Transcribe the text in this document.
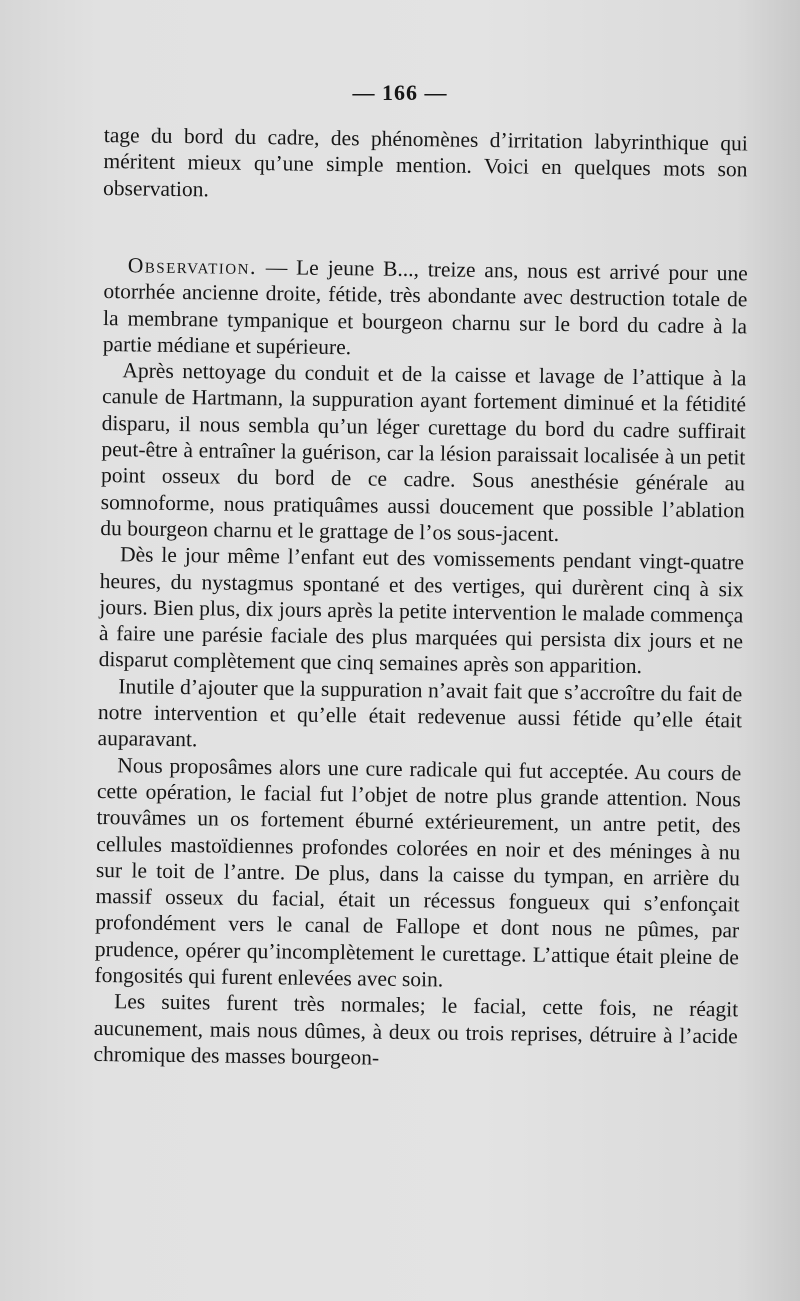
— 166 —

tage du bord du cadre, des phénomènes d’irritation labyrinthique qui méritent mieux qu’une simple mention. Voici en quelques mots son observation.

Observation. — Le jeune B..., treize ans, nous est arrivé pour une otorrhée ancienne droite, fétide, très abondante avec destruction totale de la membrane tympanique et bourgeon charnu sur le bord du cadre à la partie médiane et supérieure.

Après nettoyage du conduit et de la caisse et lavage de l’attique à la canule de Hartmann, la suppuration ayant fortement diminué et la fétidité disparu, il nous sembla qu’un léger curettage du bord du cadre suffirait peut-être à entraîner la guérison, car la lésion paraissait localisée à un petit point osseux du bord de ce cadre. Sous anesthésie générale au somnoforme, nous pratiquâmes aussi doucement que possible l’ablation du bourgeon charnu et le grattage de l’os sous-jacent.

Dès le jour même l’enfant eut des vomissements pendant vingt-quatre heures, du nystagmus spontané et des vertiges, qui durèrent cinq à six jours. Bien plus, dix jours après la petite intervention le malade commença à faire une parésie faciale des plus marquées qui persista dix jours et ne disparut complètement que cinq semaines après son apparition.

Inutile d’ajouter que la suppuration n’avait fait que s’accroître du fait de notre intervention et qu’elle était redevenue aussi fétide qu’elle était auparavant.

Nous proposâmes alors une cure radicale qui fut acceptée. Au cours de cette opération, le facial fut l’objet de notre plus grande attention. Nous trouvâmes un os fortement éburné extérieurement, un antre petit, des cellules mastoïdiennes profondes colorées en noir et des méninges à nu sur le toit de l’antre. De plus, dans la caisse du tympan, en arrière du massif osseux du facial, était un récessus fongueux qui s’enfonçait profondément vers le canal de Fallope et dont nous ne pûmes, par prudence, opérer qu’incomplètement le curettage. L’attique était pleine de fongosités qui furent enlevées avec soin.

Les suites furent très normales; le facial, cette fois, ne réagit aucunement, mais nous dûmes, à deux ou trois reprises, détruire à l’acide chromique des masses bourgeon-
